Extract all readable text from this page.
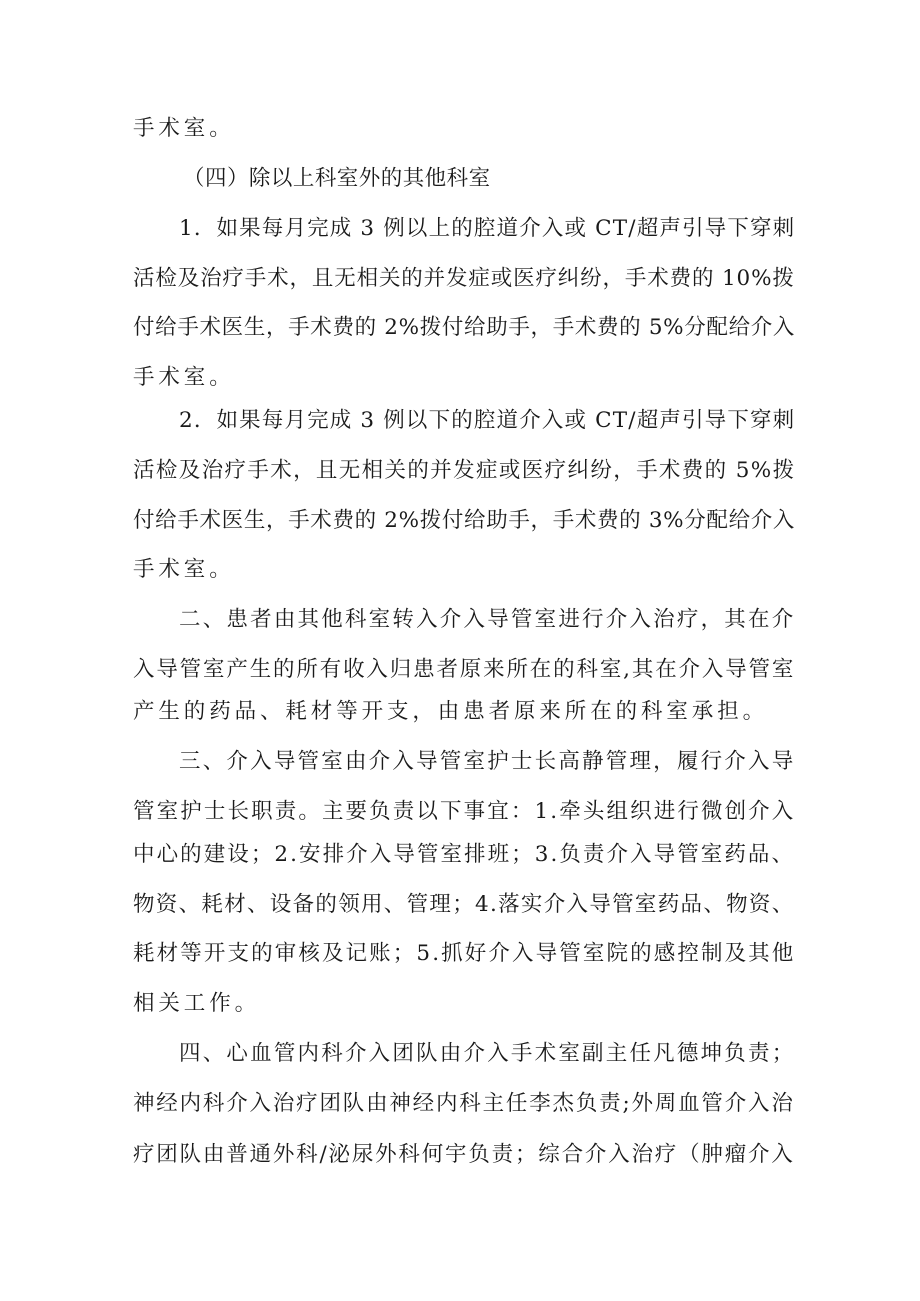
手术室。
（四）除以上科室外的其他科室
1．如果每月完成 3 例以上的腔道介入或 CT/超声引导下穿刺
活检及治疗手术，且无相关的并发症或医疗纠纷，手术费的 10%拨
付给手术医生，手术费的 2%拨付给助手，手术费的 5%分配给介入
手术室。
2．如果每月完成 3 例以下的腔道介入或 CT/超声引导下穿刺
活检及治疗手术，且无相关的并发症或医疗纠纷，手术费的 5%拨
付给手术医生，手术费的 2%拨付给助手，手术费的 3%分配给介入
手术室。
二、患者由其他科室转入介入导管室进行介入治疗，其在介
入导管室产生的所有收入归患者原来所在的科室,其在介入导管室
产生的药品、耗材等开支，由患者原来所在的科室承担。
三、介入导管室由介入导管室护士长高静管理，履行介入导
管室护士长职责。主要负责以下事宜：1.牵头组织进行微创介入
中心的建设；2.安排介入导管室排班；3.负责介入导管室药品、
物资、耗材、设备的领用、管理；4.落实介入导管室药品、物资、
耗材等开支的审核及记账；5.抓好介入导管室院的感控制及其他
相关工作。
四、心血管内科介入团队由介入手术室副主任凡德坤负责；
神经内科介入治疗团队由神经内科主任李杰负责;外周血管介入治
疗团队由普通外科/泌尿外科何宇负责；综合介入治疗（肿瘤介入
